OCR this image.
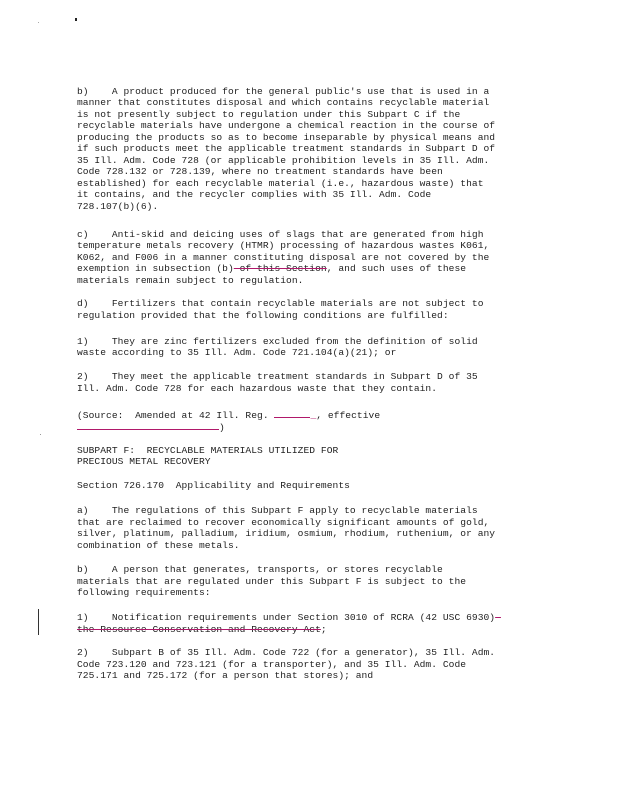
b)    A product produced for the general public's use that is used in a
manner that constitutes disposal and which contains recyclable material
is not presently subject to regulation under this Subpart C if the
recyclable materials have undergone a chemical reaction in the course of
producing the products so as to become inseparable by physical means and
if such products meet the applicable treatment standards in Subpart D of
35 Ill. Adm. Code 728 (or applicable prohibition levels in 35 Ill. Adm.
Code 728.132 or 728.139, where no treatment standards have been
established) for each recyclable material (i.e., hazardous waste) that
it contains, and the recycler complies with 35 Ill. Adm. Code
728.107(b)(6).
c)    Anti-skid and deicing uses of slags that are generated from high
temperature metals recovery (HTMR) processing of hazardous wastes K061,
K062, and F006 in a manner constituting disposal are not covered by the
exemption in subsection (b) of this Section, and such uses of these
materials remain subject to regulation.
d)    Fertilizers that contain recyclable materials are not subject to
regulation provided that the following conditions are fulfilled:
1)    They are zinc fertilizers excluded from the definition of solid
waste according to 35 Ill. Adm. Code 721.104(a)(21); or
2)    They meet the applicable treatment standards in Subpart D of 35
Ill. Adm. Code 728 for each hazardous waste that they contain.
(Source:  Amended at 42 Ill. Reg.	_, effective
)
SUBPART F:  RECYCLABLE MATERIALS UTILIZED FOR
PRECIOUS METAL RECOVERY
Section 726.170  Applicability and Requirements
a)    The regulations of this Subpart F apply to recyclable materials
that are reclaimed to recover economically significant amounts of gold,
silver, platinum, palladium, iridium, osmium, rhodium, ruthenium, or any
combination of these metals.
b)    A person that generates, transports, or stores recyclable
materials that are regulated under this Subpart F is subject to the
following requirements:
1)    Notification requirements under Section 3010 of RCRA (42 USC 6930)
the Resource Conservation and Recovery Act;
2)    Subpart B of 35 Ill. Adm. Code 722 (for a generator), 35 Ill. Adm.
Code 723.120 and 723.121 (for a transporter), and 35 Ill. Adm. Code
725.171 and 725.172 (for a person that stores); and
